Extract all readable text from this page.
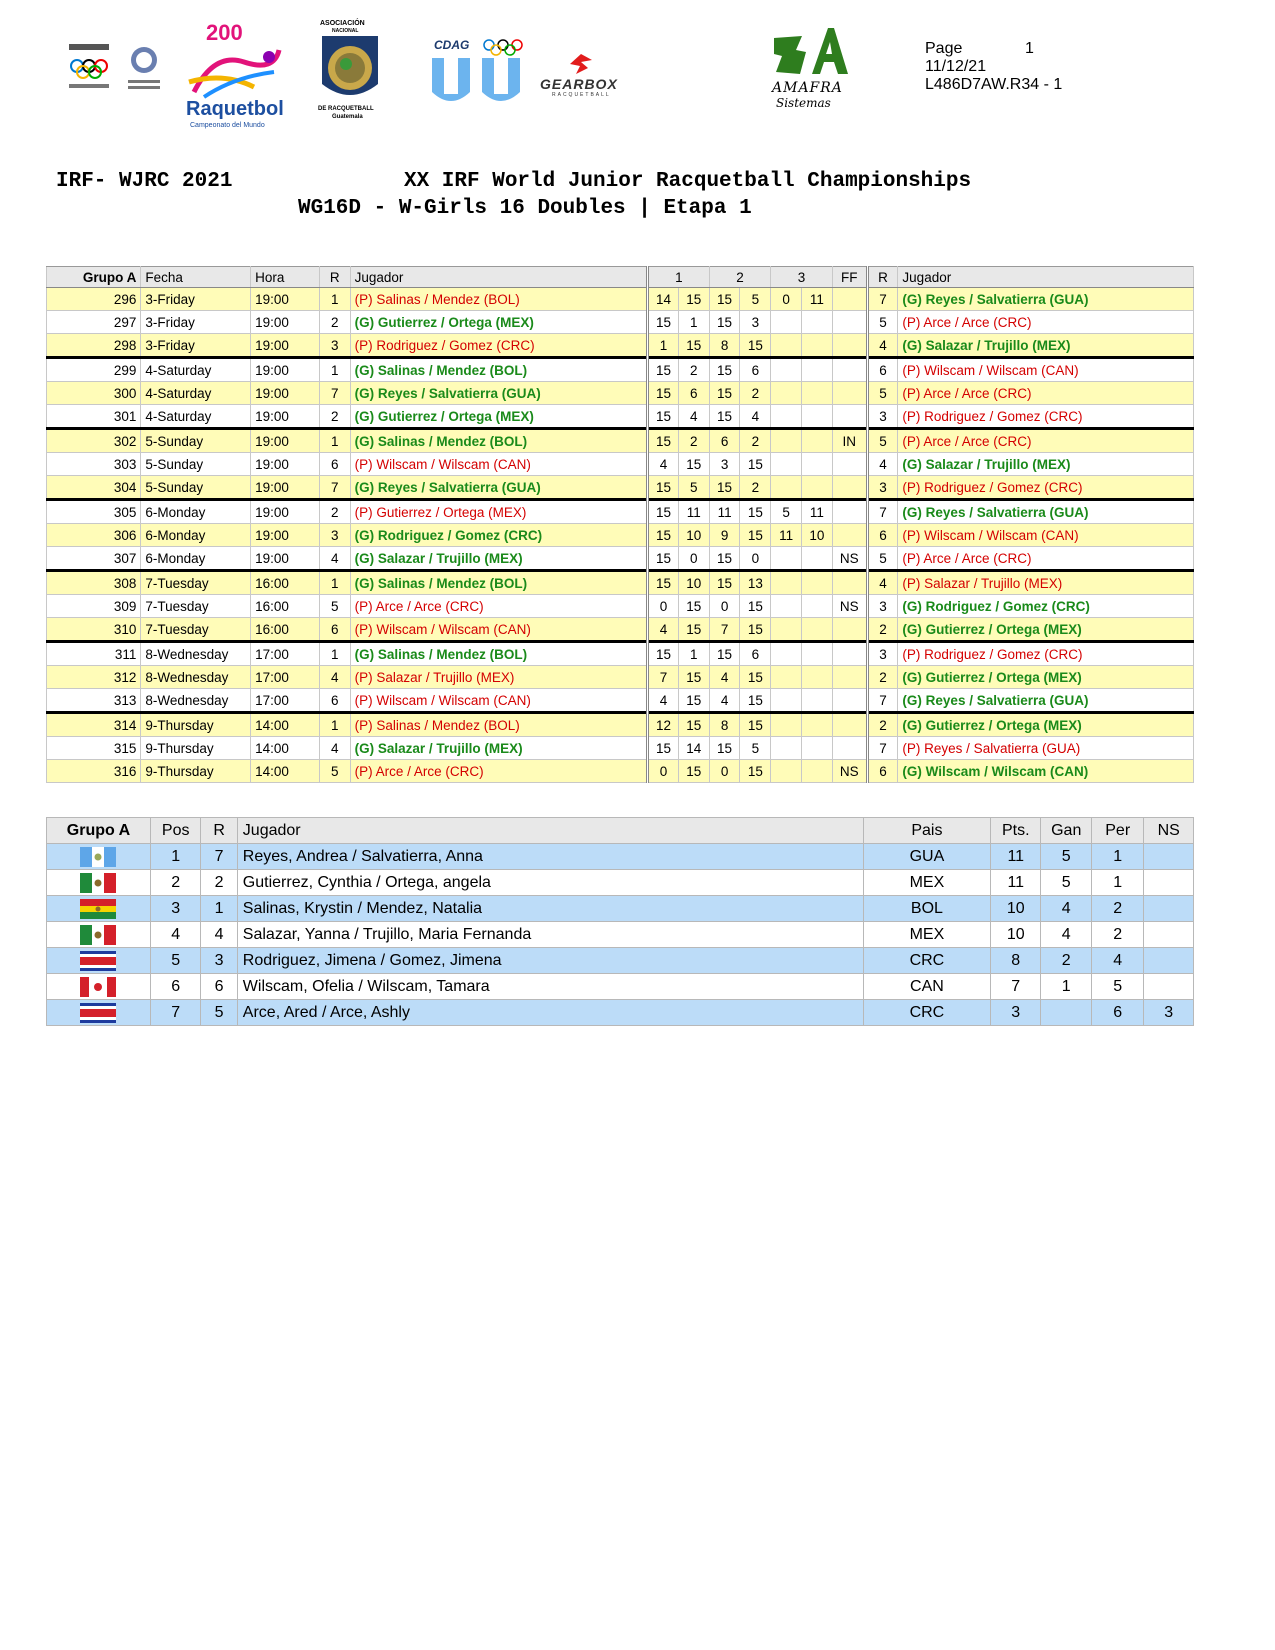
200
Raquetbol
Campeonato del Mundo
ASOCIACIÓN
NACIONAL
DE RACQUETBALL
Guatemala
CDAG
GEARBOX
RACQUETBALL	AMAFRA
Sistemas
Page	1
11/12/21
L486D7AW.R34 - 1
IRF- WJRC 2021	XX IRF World Junior Racquetball Championships
WG16D - W-Girls 16 Doubles | Etapa 1
Grupo A	Fecha	Hora	R	Jugador	1		2		3		FF	R	Jugador
296	3-Friday	19:00	1	(P) Salinas / Mendez (BOL)	14	15	15	5	0	11		7	(G) Reyes / Salvatierra (GUA)
297	3-Friday	19:00	2	(G) Gutierrez / Ortega (MEX)	15	1	15	3				5	(P) Arce / Arce (CRC)
298	3-Friday	19:00	3	(P) Rodriguez / Gomez (CRC)	1	15	8	15				4	(G) Salazar / Trujillo (MEX)
299	4-Saturday	19:00	1	(G) Salinas / Mendez (BOL)	15	2	15	6				6	(P) Wilscam / Wilscam (CAN)
300	4-Saturday	19:00	7	(G) Reyes / Salvatierra (GUA)	15	6	15	2				5	(P) Arce / Arce (CRC)
301	4-Saturday	19:00	2	(G) Gutierrez / Ortega (MEX)	15	4	15	4				3	(P) Rodriguez / Gomez (CRC)
302	5-Sunday	19:00	1	(G) Salinas / Mendez (BOL)	15	2	6	2			IN	5	(P) Arce / Arce (CRC)
303	5-Sunday	19:00	6	(P) Wilscam / Wilscam (CAN)	4	15	3	15				4	(G) Salazar / Trujillo (MEX)
304	5-Sunday	19:00	7	(G) Reyes / Salvatierra (GUA)	15	5	15	2				3	(P) Rodriguez / Gomez (CRC)
305	6-Monday	19:00	2	(P) Gutierrez / Ortega (MEX)	15	11	11	15	5	11		7	(G) Reyes / Salvatierra (GUA)
306	6-Monday	19:00	3	(G) Rodriguez / Gomez (CRC)	15	10	9	15	11	10		6	(P) Wilscam / Wilscam (CAN)
307	6-Monday	19:00	4	(G) Salazar / Trujillo (MEX)	15	0	15	0			NS	5	(P) Arce / Arce (CRC)
308	7-Tuesday	16:00	1	(G) Salinas / Mendez (BOL)	15	10	15	13				4	(P) Salazar / Trujillo (MEX)
309	7-Tuesday	16:00	5	(P) Arce / Arce (CRC)	0	15	0	15			NS	3	(G) Rodriguez / Gomez (CRC)
310	7-Tuesday	16:00	6	(P) Wilscam / Wilscam (CAN)	4	15	7	15				2	(G) Gutierrez / Ortega (MEX)
311	8-Wednesday	17:00	1	(G) Salinas / Mendez (BOL)	15	1	15	6				3	(P) Rodriguez / Gomez (CRC)
312	8-Wednesday	17:00	4	(P) Salazar / Trujillo (MEX)	7	15	4	15				2	(G) Gutierrez / Ortega (MEX)
313	8-Wednesday	17:00	6	(P) Wilscam / Wilscam (CAN)	4	15	4	15				7	(G) Reyes / Salvatierra (GUA)
314	9-Thursday	14:00	1	(P) Salinas / Mendez (BOL)	12	15	8	15				2	(G) Gutierrez / Ortega (MEX)
315	9-Thursday	14:00	4	(G) Salazar / Trujillo (MEX)	15	14	15	5				7	(P) Reyes / Salvatierra (GUA)
316	9-Thursday	14:00	5	(P) Arce / Arce (CRC)	0	15	0	15			NS	6	(G) Wilscam / Wilscam (CAN)
Grupo A	Pos	R	Jugador	Pais	Pts.	Gan	Per	NS
	1	7	Reyes, Andrea / Salvatierra, Anna	GUA	11	5	1	
	2	2	Gutierrez, Cynthia / Ortega, angela	MEX	11	5	1	
	3	1	Salinas, Krystin / Mendez, Natalia	BOL	10	4	2	
	4	4	Salazar, Yanna / Trujillo, Maria Fernanda	MEX	10	4	2	
	5	3	Rodriguez, Jimena / Gomez, Jimena	CRC	8	2	4	
	6	6	Wilscam, Ofelia / Wilscam, Tamara	CAN	7	1	5	
	7	5	Arce, Ared / Arce, Ashly	CRC	3		6	3
